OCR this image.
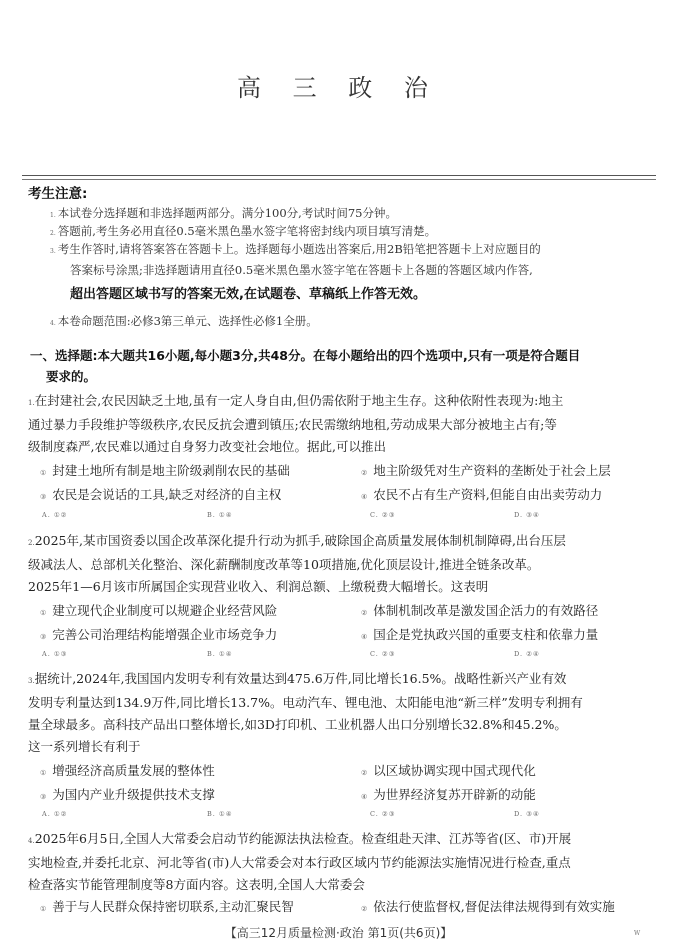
高 三 政 治
考生注意:
1. 本试卷分选择题和非选择题两部分。满分100分,考试时间75分钟。
2. 答题前,考生务必用直径0.5毫米黑色墨水签字笔将密封线内项目填写清楚。
3. 考生作答时,请将答案答在答题卡上。选择题每小题选出答案后,用2B铅笔把答题卡上对应题目的
答案标号涂黑;非选择题请用直径0.5毫米黑色墨水签字笔在答题卡上各题的答题区域内作答,
4. 本卷命题范围:必修3第三单元、选择性必修1全册。
超出答题区域书写的答案无效,在试题卷、草稿纸上作答无效。
一、选择题:本大题共16小题,每小题3分,共48分。在每小题给出的四个选项中,只有一项是符合题目
要求的。
1.在封建社会,农民因缺乏土地,虽有一定人身自由,但仍需依附于地主生存。这种依附性表现为:地主
通过暴力手段维护等级秩序,农民反抗会遭到镇压;农民需缴纳地租,劳动成果大部分被地主占有;等
级制度森严,农民难以通过自身努力改变社会地位。据此,可以推出
① 封建土地所有制是地主阶级剥削农民的基础	② 地主阶级凭对生产资料的垄断处于社会上层
③ 农民是会说话的工具,缺乏对经济的自主权	④ 农民不占有生产资料,但能自由出卖劳动力
A. ①②	B. ①④	C. ②③	D. ③④
2.2025年,某市国资委以国企改革深化提升行动为抓手,破除国企高质量发展体制机制障碍,出台压层
级减法人、总部机关化整治、深化薪酬制度改革等10项措施,优化顶层设计,推进全链条改革。
2025年1—6月该市所属国企实现营业收入、利润总额、上缴税费大幅增长。这表明
① 建立现代企业制度可以规避企业经营风险	② 体制机制改革是激发国企活力的有效路径
③ 完善公司治理结构能增强企业市场竞争力	④ 国企是党执政兴国的重要支柱和依靠力量
A. ①③	B. ①④	C. ②③	D. ②④
3.据统计,2024年,我国国内发明专利有效量达到475.6万件,同比增长16.5%。战略性新兴产业有效
发明专利量达到134.9万件,同比增长13.7%。电动汽车、锂电池、太阳能电池“新三样”发明专利拥有
量全球最多。高科技产品出口整体增长,如3D打印机、工业机器人出口分别增长32.8%和45.2%。
这一系列增长有利于
① 增强经济高质量发展的整体性	② 以区域协调实现中国式现代化
③ 为国内产业升级提供技术支撑	④ 为世界经济复苏开辟新的动能
A. ①②	B. ①④	C. ②③	D. ③④
4.2025年6月5日,全国人大常委会启动节约能源法执法检查。检查组赴天津、江苏等省(区、市)开展
实地检查,并委托北京、河北等省(市)人大常委会对本行政区域内节约能源法实施情况进行检查,重点
检查落实节能管理制度等8方面内容。这表明,全国人大常委会
① 善于与人民群众保持密切联系,主动汇聚民智	② 依法行使监督权,督促法律法规得到有效实施
【高三12月质量检测·政治 第1页(共6页)】	W
